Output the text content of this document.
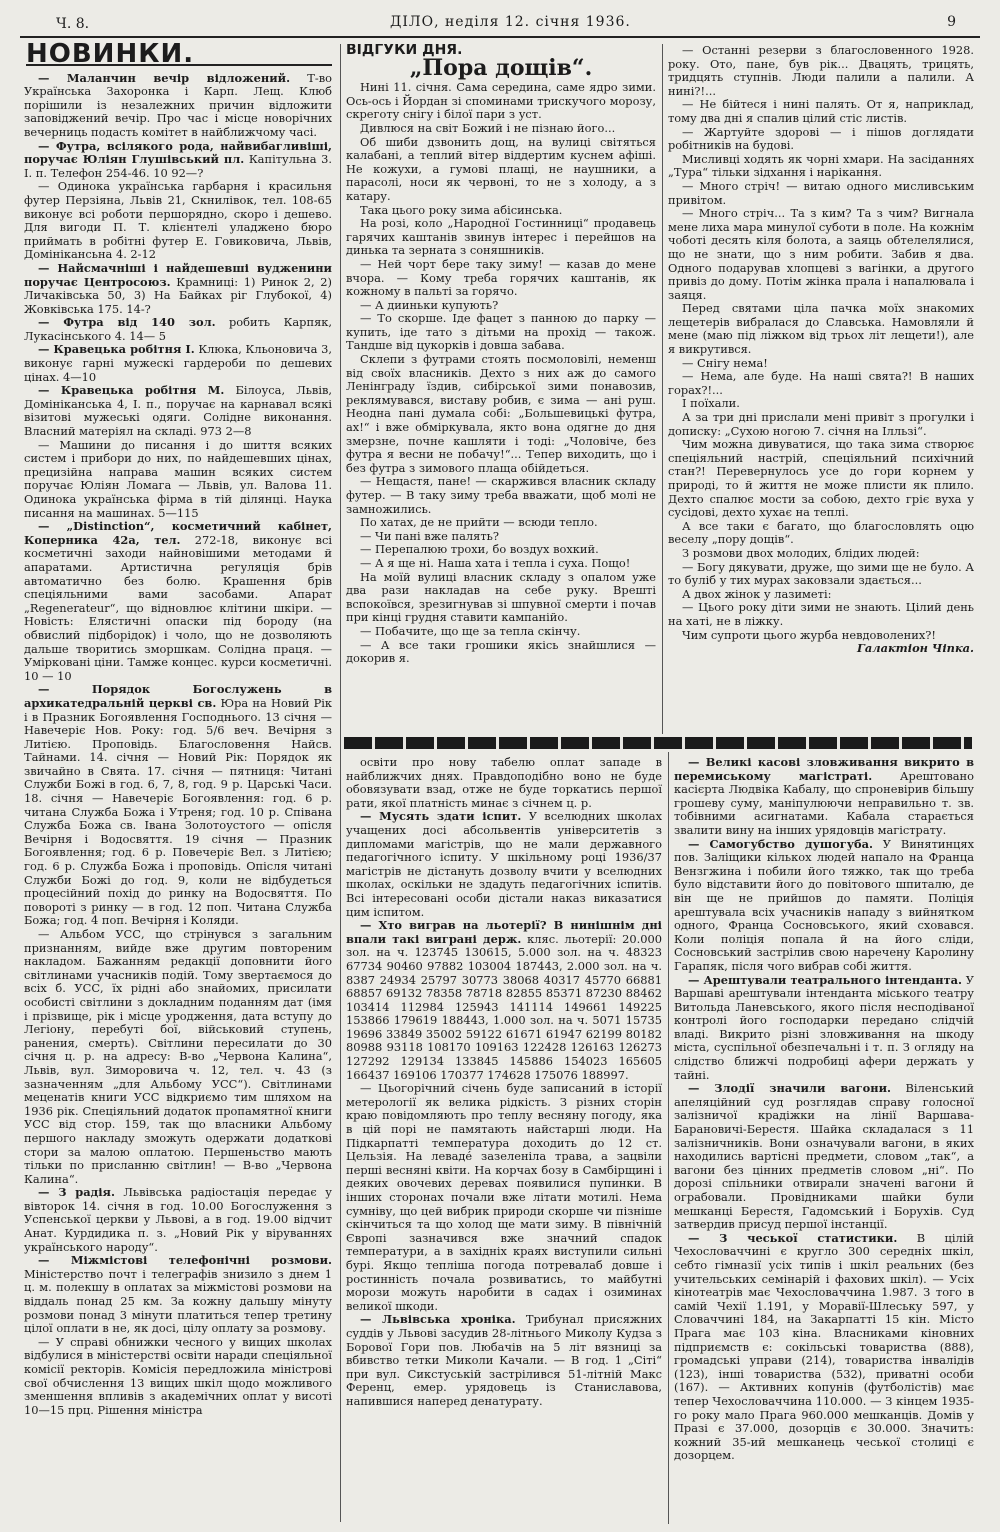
Ч. 8.	ДІЛО, неділя 12. січня 1936.	9
НОВИНКИ.

— Маланчин вечір відложений. Т-во Українська Захоронка і Карп. Лещ. Клюб порішили із незалежних причин відложити заповіджений вечір. Про час і місце новорічних вечерниць подасть комітет в найближчому часі.

— Футра, всілякого рода, найвибагливіші, поручає Юліян Глушівський пл. Капітульна 3. І. п. Телефон 254-46. 10 92—?

— Одинока українська гарбарня і красильня футер Перзіяна, Львів 21, Скнилівок, тел. 108-65 виконує всі роботи першорядно, скоро і дешево. Для вигоди П. Т. клієнтелі уладжено бюро приймать в робітні футер Е. Говиковича, Львів, Домінікансьна 4. 2-12

— Найсмачніші і найдешевші вудженини поручає Центросоюз. Крамниці: 1) Ринок 2, 2) Личаківська 50, 3) На Байках ріг Глубокої, 4) Жовківська 175. 14-?

— Футра від 140 зол. робить Карпяк, Лукасінського 4. 14— 5

— Кравецька робітня І. Клюка, Кльоновича 3, виконує гарні мужескі гардероби по дешевих цінах. 4—10

— Кравецька робітня М. Білоуса, Львів, Домініканська 4, І. п., поручає на карнавал всякі візитові мужеські одяги. Солідне виконання. Власний матеріял на складі. 973 2—8

— Машини до писання і до шиття всяких систем і прибори до них, по найдешевших цінах, прецизійна направа машин всяких систем поручає Юліян Ломага — Львів, ул. Валова 11. Одинока українська фірма в тій ділянці. Наука писання на машинах. 5—115

— „Distinction“, косметичний кабінет, Коперника 42а, тел. 272-18, виконує всі косметичні заходи найновішими методами й апаратами. Артистична регуляція брів автоматично без болю. Крашення брів спеціяльними вами засобами. Апарат „Regenerateur“, що відновлює клітини шкіри. — Новість: Елястичні опаски під бороду (на обвислий підборідок) і чоло, що не дозволяють дальше творитись зморшкам. Солідна праця. — Умірковані ціни. Тамже концес. курси косметичні. 10 — 10

— Порядок Богослужень в архикатедральній церкві св. Юра на Новий Рік і в Празник Богоявлення Господнього. 13 січня — Навечеріє Нов. Року: год. 5/6 веч. Вечірня з Литією. Проповідь. Благословення Найсв. Тайнами. 14. січня — Новий Рік: Порядок як звичайно в Свята. 17. січня — пятниця: Читані Служби Божі в год. 6, 7, 8, год. 9 р. Царські Часи. 18. січня — Навечеріє Богоявлення: год. 6 р. читана Служба Божа і Утреня; год. 10 р. Співана Служба Божа св. Івана Золотоустого — опісля Вечірня і Водосвяття. 19 січня — Празник Богоявлення; год. 6 р. Повечеріє Вел. з Литією; год. 6 р. Служба Божа і проповідь. Опісля читані Служби Божі до год. 9, коли не відбудеться процесійний похід до ринку на Водосвяття. По повороті з ринку — в год. 12 поп. Читана Служба Божа; год. 4 поп. Вечірня і Коляди.

— Альбом УСС, що стрінувся з загальним признанням, вийде вже другим повтореним накладом. Бажанням редакції доповнити його світлинами учасників подій. Тому звертаємося до всіх б. УСС, їх рідні або знайомих, присилати особисті світлини з докладним поданням дат (імя і прізвище, рік і місце уродження, дата вступу до Легіону, перебуті бої, військовий ступень, ранения, смерть). Світлини пересилати до 30 січня ц. р. на адресу: В-во „Червона Калина“, Львів, вул. Зиморовича ч. 12, тел. ч. 43 (з зазначенням „для Альбому УСС“). Світлинами меценатів книги УСС відкриємо тим шляхом на 1936 рік. Спеціяльний додаток пропамятної книги УСС від стор. 159, так що власники Альбому першого накладу зможуть одержати додаткові стори за малою оплатою. Першеньство мають тільки по присланню світлин! — В-во „Червона Калина“.

— З радія. Львівська радіостація передає у вівторок 14. січня в год. 10.00 Богослуження з Успенської церкви у Львові, а в год. 19.00 відчит Анат. Курдидика п. з. „Новий Рік у віруваннях українського народу“.

— Міжмістові телефонічні розмови. Міністерство почт і телеграфів знизило з днем 1 ц. м. полекшу в оплатах за міжмістові розмови на віддаль понад 25 км. За кожну дальшу мінуту розмови понад 3 мінути платиться тепер третину цілої оплати в не, як досі, цілу оплату за розмову.

— У справі обнижки чесного у вищих школах відбулися в міністерстві освіти наради спеціяльної комісії ректорів. Комісія передложила міністрові свої обчислення 13 вищих шкіл щодо можливого зменшення впливів з академічних оплат у висоті 10—15 прц. Рішення міністра

ВІДГУКИ ДНЯ.
„Пора дощів“.

Нині 11. січня. Сама середина, саме ядро зими. Ось-ось і Йордан зі споминами трискучого морозу, скреготу снігу і білої пари з уст.

Дивлюся на світ Божий і не пізнаю його...

Об шиби дзвонить дощ, на вулиці світяться калабані, а теплий вітер віддертим куснем афіші. Не кожухи, а гумові плащі, не наушники, а парасолі, носи як червоні, то не з холоду, а з катару.

Така цього року зима абісинська.

На розі, коло „Народної Гостинниці“ продавець гарячих каштанів звинув інтерес і перейшов на динька та зерната з соняшників.

— Ней чорт бере таку зиму! — казав до мене вчора. — Кому треба горячих каштанів, як кожному в пальті за горячо.

— А дииньки купують?

— То скорше. Іде фацет з панною до парку — купить, іде тато з дітьми на прохід — також. Тандше від цукорків і довша забава.

Склепи з футрами стоять посмоловілі, неменш від своїх власників. Дехто з них аж до самого Ленінграду їздив, сибірської зими понавозив, реклямувався, виставу робив, є зима — ані руш. Неодна панi думала собі: „Большевицькі футра, ах!“ і вже обміркувала, якто вона одягне до дня змерзне, почне кашляти і тоді: „Чоловіче, без футра я весни не побачу!“... Тепер виходить, що і без футра з зимового плаща обійдеться.

— Нещастя, пане! — скаржився власник складу футер. — В таку зиму треба вважати, щоб молі не замножились.

По хатах, де не прийти — всюди тепло.

— Чи пані вже палять?

— Перепалюю трохи, бо воздух вохкий.

— А я ще ні. Наша хата і тепла і суха. Пощо!

На моїй вулиці власник складу з опалом уже два рази накладав на себе руку. Врешті вспокоївся, зрезигнував зі шпувної смерти і почав при кінці грудня ставити кампанійо.

— Побачите, що ще за тепла скінчу.

— А все таки грошики якісь знайшлися — докорив я.

— Останні резерви з благословенного 1928. року. Ото, пане, був рік... Двацять, трицять, тридцять ступнів. Люди палили а палили. А нині?!...

— Не бійтеся і нині палять. От я, наприклад, тому два дні я спалив цілий стіс листів.

— Жартуйте здорові — і пішов доглядати робітників на будові.

Мисливці ходять як чорні хмари. На засіданнях „Тура“ тільки зідхання і нарікання.

— Много стріч! — витаю одного мисливським привітом.

— Много стріч... Та з ким? Та з чим? Вигнала мене лиха мара минулої суботи в поле. На кожнім чоботі десять кіля болота, а заяць обтелелялися, що не знати, що з ним робити. Забив я два. Одного подарував хлопцеві з вагінки, а другого привіз до дому. Потім жінка прала і напалювала і заяця.

Перед святами ціла пачка моїх знакомих лещетерів вибралася до Славська. Намовляли й мене (маю під ліжком від трьох літ лещети!), але я викрутився.

— Снігу нема!

— Нема, але буде. На наші свята?! В наших горах?!...

І поїхали.

А за три дні прислали мені привіт з прогулки і дописку: „Сухою ногою 7. січня на Ілльзі“.

Чим можна дивуватися, що така зима створює спеціяльний настрій, спеціяльний психічний стан?! Перевернулось усе до гори корнем у природі, то й життя не може плисти як плило. Дехто спалює мости за собою, дехто гріє вуха у сусідові, дехто хухає на теплі.

А все таки є багато, що благословлять оцю веселу „пору дощів“.

З розмови двох молодих, блідих людей:

— Богу дякувати, друже, що зими ще не було. А то буліб у тих мурах заковзали здається...

А двох жінок у лазиметі:

— Цього року діти зими не знають. Цілий день на хаті, не в ліжку.

Чим супроти цього журба невдоволених?!

Галактіон Чіпка.

освіти про нову табелю оплат западе в найближчих днях. Правдоподібно воно не буде обовязувати взад, отже не буде торкатись першої рати, якої платність минає з січнем ц. р.

— Мусять здати іспит. У вселюдних школах учащених досі абсольвентів університетів з дипломами магістрів, що не мали державного педагогічного іспиту. У шкільному році 1936/37 магістрів не дістануть дозволу вчити у вселюдних школах, оскільки не здадуть педагогічних іспитів. Всі інтересовані особи дістали наказ виказатися цим іспитом.

— Хто виграв на льотерії? В нинішнім дні впали такі виграні держ. кляс. льотерії: 20.000 зол. на ч. 123745 130615, 5.000 зол. на ч. 48323 67734 90460 97882 103004 187443, 2.000 зол. на ч. 8387 24934 25797 30773 38068 40317 45770 66881 68857 69132 78358 78718 82855 85371 87230 88462 103414 112984 125943 141114 149661 149225 153866 179619 188443, 1.000 зол. на ч. 5071 15735 19696 33849 35002 59122 61671 61947 62199 80182 80988 93118 108170 109163 122428 126163 126273 127292 129134 133845 145886 154023 165605 166437 169106 170377 174628 175076 188997.

— Цьогорічний січень буде записаний в історії метерології як велика рідкість. З різних сторін краю повідомляють про теплу весняну погоду, яка в цій порі не памятають найстарші люди. На Підкарпатті температура доходить до 12 ст. Цельзія. На леваде́ зазеленіла трава, а зацвіли перші весняні квіти. На корчах бозу в Самбірщині і деяких овочевих деревах появилися пупинки. В інших сторонах почали вже літати мотилі. Нема сумніву, що цей вибрик природи скорше чи пізніше скінчиться та що холод ще мати зиму. В північній Європі зазначився вже значний спадок температури, а в західніх краях виступили сильні бурі. Якщо тепліша погода потревалаб довше і ростинність почала розвиватись, то майбутні морози можуть наробити в садах і озиминах великої шкоди.

— Львівська хроніка. Трибунал присяжних суддів у Львові засудив 28-літнього Миколу Кудза з Борової Гори пов. Любачів на 5 літ вязниці за вбивство тетки Миколи Качали. — В год. 1 „Сіті“ при вул. Сикстуській застрілився 51-літній Макс Ференц, емер. урядовець із Станиславова, напившися наперед денатурату.

— Великі касові зловживання викрито в перемиському магістраті. Арештовано касієрта Людвіка Кабалу, що спроневірив більшу грошеву суму, маніпулюючи неправильно т. зв. тобівними асигнатами. Кабала старається звалити вину на інших урядовців магістрату.

— Самогубство душогуба. У Винятинцях пов. Заліщики кількох людей напало на Франца Вензгжина і побили його тяжко, так що треба було відставити його до повітового шпиталю, де він ще не прийшов до памяти. Поліція арештувала всіх учасників нападу з вийнятком одного, Франца Сосновського, який сховався. Коли поліція попала й на його сліди, Сосновський застрілив свою наречену Каролину Гарапяк, після чого вибрав собі життя.

— Арештували театрального інтенданта. У Варшаві арештували інтенданта міського театру Витольда Ланевського, якого після несподіваної контролі його господарки передано слідчій владі. Викрито різні зловживання на шкоду міста, суспільної обезпечальні і т. п. З огляду на слідство ближчі подробиці афери держать у тайні.

— Злодії значили вагони. Віленський апеляційний суд розглядав справу голосної залізничої крадіжки на лінії Варшава-Барановичі-Берестя. Шайка складалася з 11 залізничників. Вони означували вагони, в яких находились вартісні предмети, словом „так“, а вагони без цінних предметів словом „ні“. По дорозі спільники отвирали значені вагони й ограбовали. Провідниками шайки були мешканці Берестя, Гадомський і Борухів. Суд затвердив присуд першої інстанції.

— З чеської статистики. В цілій Чехословаччині є кругло 300 середніх шкіл, себто гімназії усіх типів і шкіл реальних (без учительських семінарій і фахових шкіл). — Усіх кінотеатрів має Чехословаччина 1.987. З того в самій Чехії 1.191, у Моравії-Шлеську 597, у Словаччині 184, на Закарпатті 15 кін. Місто Прага має 103 кіна. Власниками кіновних підприємств є: сокільські товариства (888), громадські управи (214), товариства інвалідів (123), інші товариства (532), приватні особи (167). — Активних копунів (футболістів) має тепер Чехословаччина 110.000. — З кінцем 1935-го року мало Прага 960.000 мешканців. Домів у Празі є 37.000, дозорців є 30.000. Значить: кожний 35-ий мешканець чеської столиці є дозорцем.
